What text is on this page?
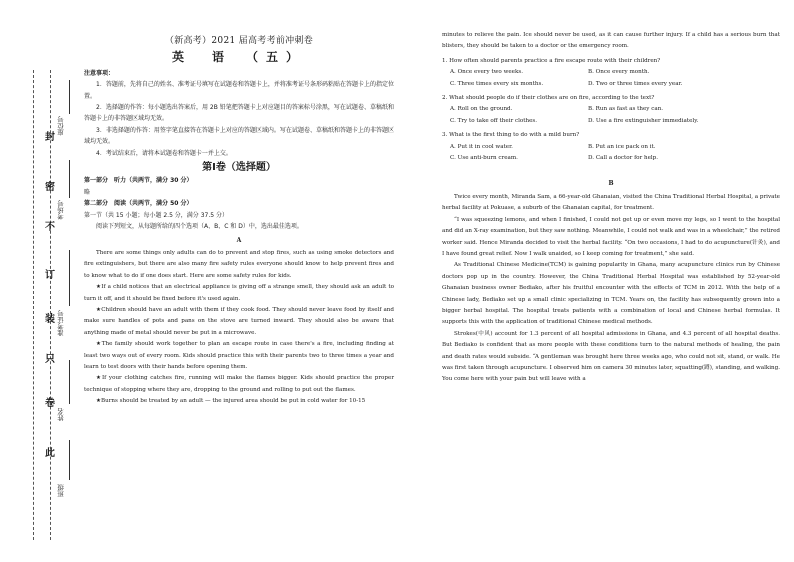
封
密
不
订
装
只
卷
此
座位号
考场号
准考证号
姓名
班级
（新高考）2021 届高考考前冲刺卷
英　语　（五）
注意事项：

1．答题前，先将自己的姓名、准考证号填写在试题卷和答题卡上，并将准考证号条形码粘贴在答题卡上的指定位置。

2．选择题的作答：每小题选出答案后，用 2B 铅笔把答题卡上对应题目的答案标号涂黑，写在试题卷、草稿纸和答题卡上的非答题区域均无效。

3．非选择题的作答：用签字笔直接答在答题卡上对应的答题区域内。写在试题卷、草稿纸和答题卡上的非答题区域均无效。

4．考试结束后，请将本试题卷和答题卡一并上交。

第Ⅰ卷（选择题）
第一部分　听力（共两节，满分 30 分）
略
第二部分　阅读（共两节，满分 50 分）
第一节（共 15 小题；每小题 2.5 分，满分 37.5 分）

阅读下列短文，从每题所给的四个选项（A、B、C 和 D）中，选出最佳选项。

A

There are some things only adults can do to prevent and stop fires, such as using smoke detectors and fire extinguishers, but there are also many fire safety rules everyone should know to help prevent fires and to know what to do if one does start. Here are some safety rules for kids.

★If a child notices that an electrical appliance is giving off a strange smell, they should ask an adult to turn it off, and it should be fixed before it's used again.

★Children should have an adult with them if they cook food. They should never leave food by itself and make sure handles of pots and pans on the stove are turned inward. They should also be aware that anything made of metal should never be put in a microwave.

★The family should work together to plan an escape route in case there's a fire, including finding at least two ways out of every room. Kids should practice this with their parents two to three times a year and learn to test doors with their hands before opening them.

★If your clothing catches fire, running will make the flames bigger. Kids should practice the proper technique of stopping where they are, dropping to the ground and rolling to put out the flames.

★Burns should be treated by an adult — the injured area should be put in cold water for 10-15

minutes to relieve the pain. Ice should never be used, as it can cause further injury. If a child has a serious burn that blisters, they should be taken to a doctor or the emergency room.

1. How often should parents practice a fire escape route with their children?
A. Once every two weeks.	B. Once every month.
C. Three times every six months.	D. Two or three times every year.
2. What should people do if their clothes are on fire, according to the text?
A. Roll on the ground.	B. Run as fast as they can.
C. Try to take off their clothes.	D. Use a fire extinguisher immediately.
3. What is the first thing to do with a mild burn?
A. Put it in cool water.	B. Put an ice pack on it.
C. Use anti-burn cream.	D. Call a doctor for help.
B

Twice every month, Miranda Sam, a 66-year-old Ghanaian, visited the China Traditional Herbal Hospital, a private herbal facility at Pokuase, a suburb of the Ghanaian capital, for treatment.

“I was squeezing lemons, and when I finished, I could not get up or even move my legs, so I went to the hospital and did an X-ray examination, but they saw nothing. Meanwhile, I could not walk and was in a wheelchair,” the retired worker said. Hence Miranda decided to visit the herbal facility. “On two occasions, I had to do acupuncture(针灸), and I have found great relief. Now I walk unaided, so I keep coming for treatment,” she said.

As Traditional Chinese Medicine(TCM) is gaining popularity in Ghana, many acupuncture clinics run by Chinese doctors pop up in the country. However, the China Traditional Herbal Hospital was established by 52-year-old Ghanaian business owner Bediako, after his fruitful encounter with the effects of TCM in 2012. With the help of a Chinese lady, Bediako set up a small clinic specializing in TCM. Years on, the facility has subsequently grown into a bigger herbal hospital. The hospital treats patients with a combination of local and Chinese herbal formulas. It supports this with the application of traditional Chinese medical methods.

Strokes(中风) account for 1.3 percent of all hospital admissions in Ghana, and 4.3 percent of all hospital deaths. But Bediako is confident that as more people with these conditions turn to the natural methods of healing, the pain and death rates would subside. “A gentleman was brought here three weeks ago, who could not sit, stand, or walk. He was first taken through acupuncture. I observed him on camera 30 minutes later, squatting(蹲), standing, and walking. You come here with your pain but will leave with a
